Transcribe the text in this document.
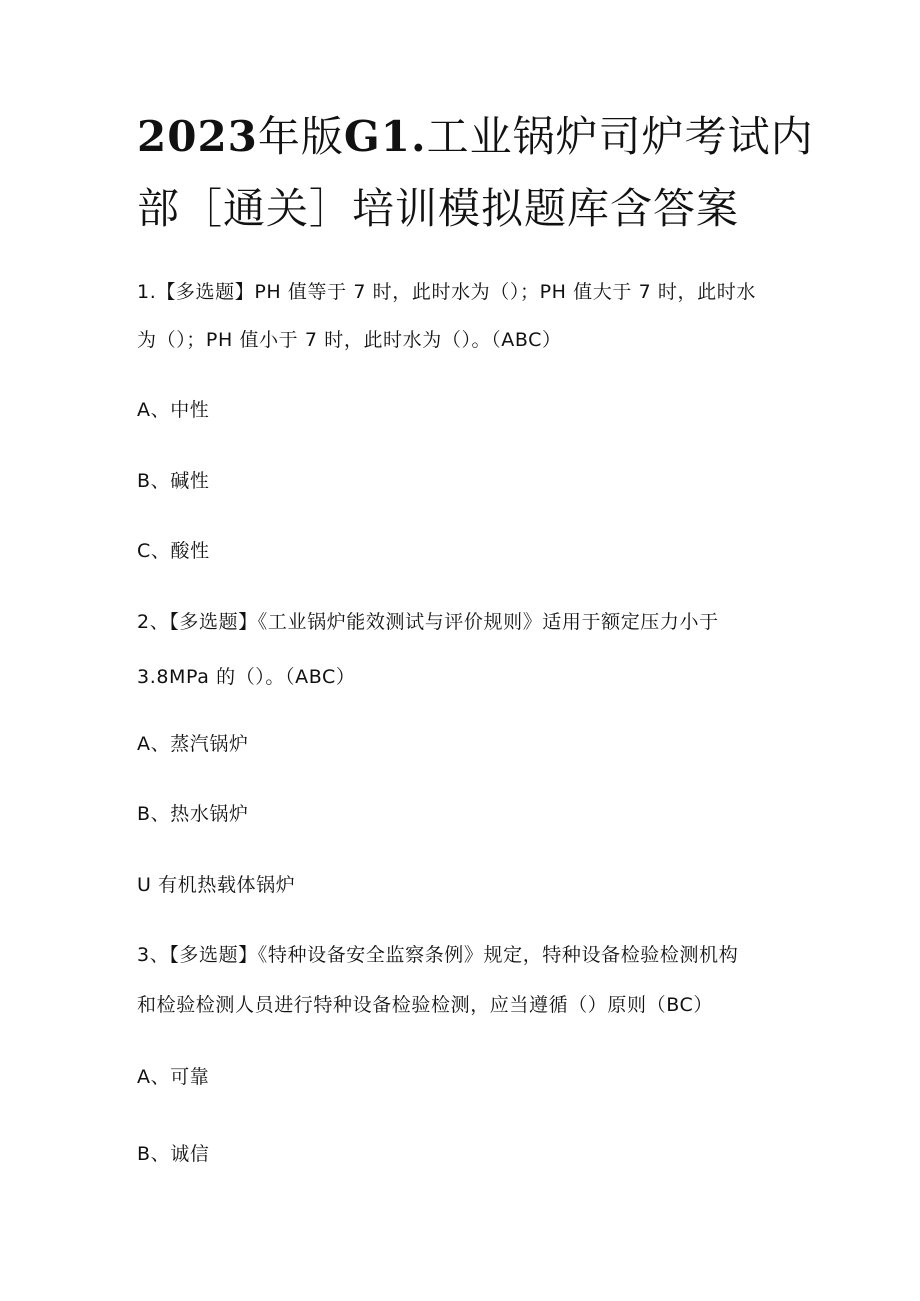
2023年版G1.工业锅炉司炉考试内
部［通关］培训模拟题库含答案
1.【多选题】PH 值等于 7 时，此时水为（）；PH 值大于 7 时，此时水
为（）；PH 值小于 7 时，此时水为（）。（ABC）
A、中性
B、碱性
C、酸性
2、【多选题】《工业锅炉能效测试与评价规则》适用于额定压力小于
3.8MPa 的（）。（ABC）
A、蒸汽锅炉
B、热水锅炉
U 有机热载体锅炉
3、【多选题】《特种设备安全监察条例》规定，特种设备检验检测机构
和检验检测人员进行特种设备检验检测，应当遵循（）原则（BC）
A、可靠
B、诚信
